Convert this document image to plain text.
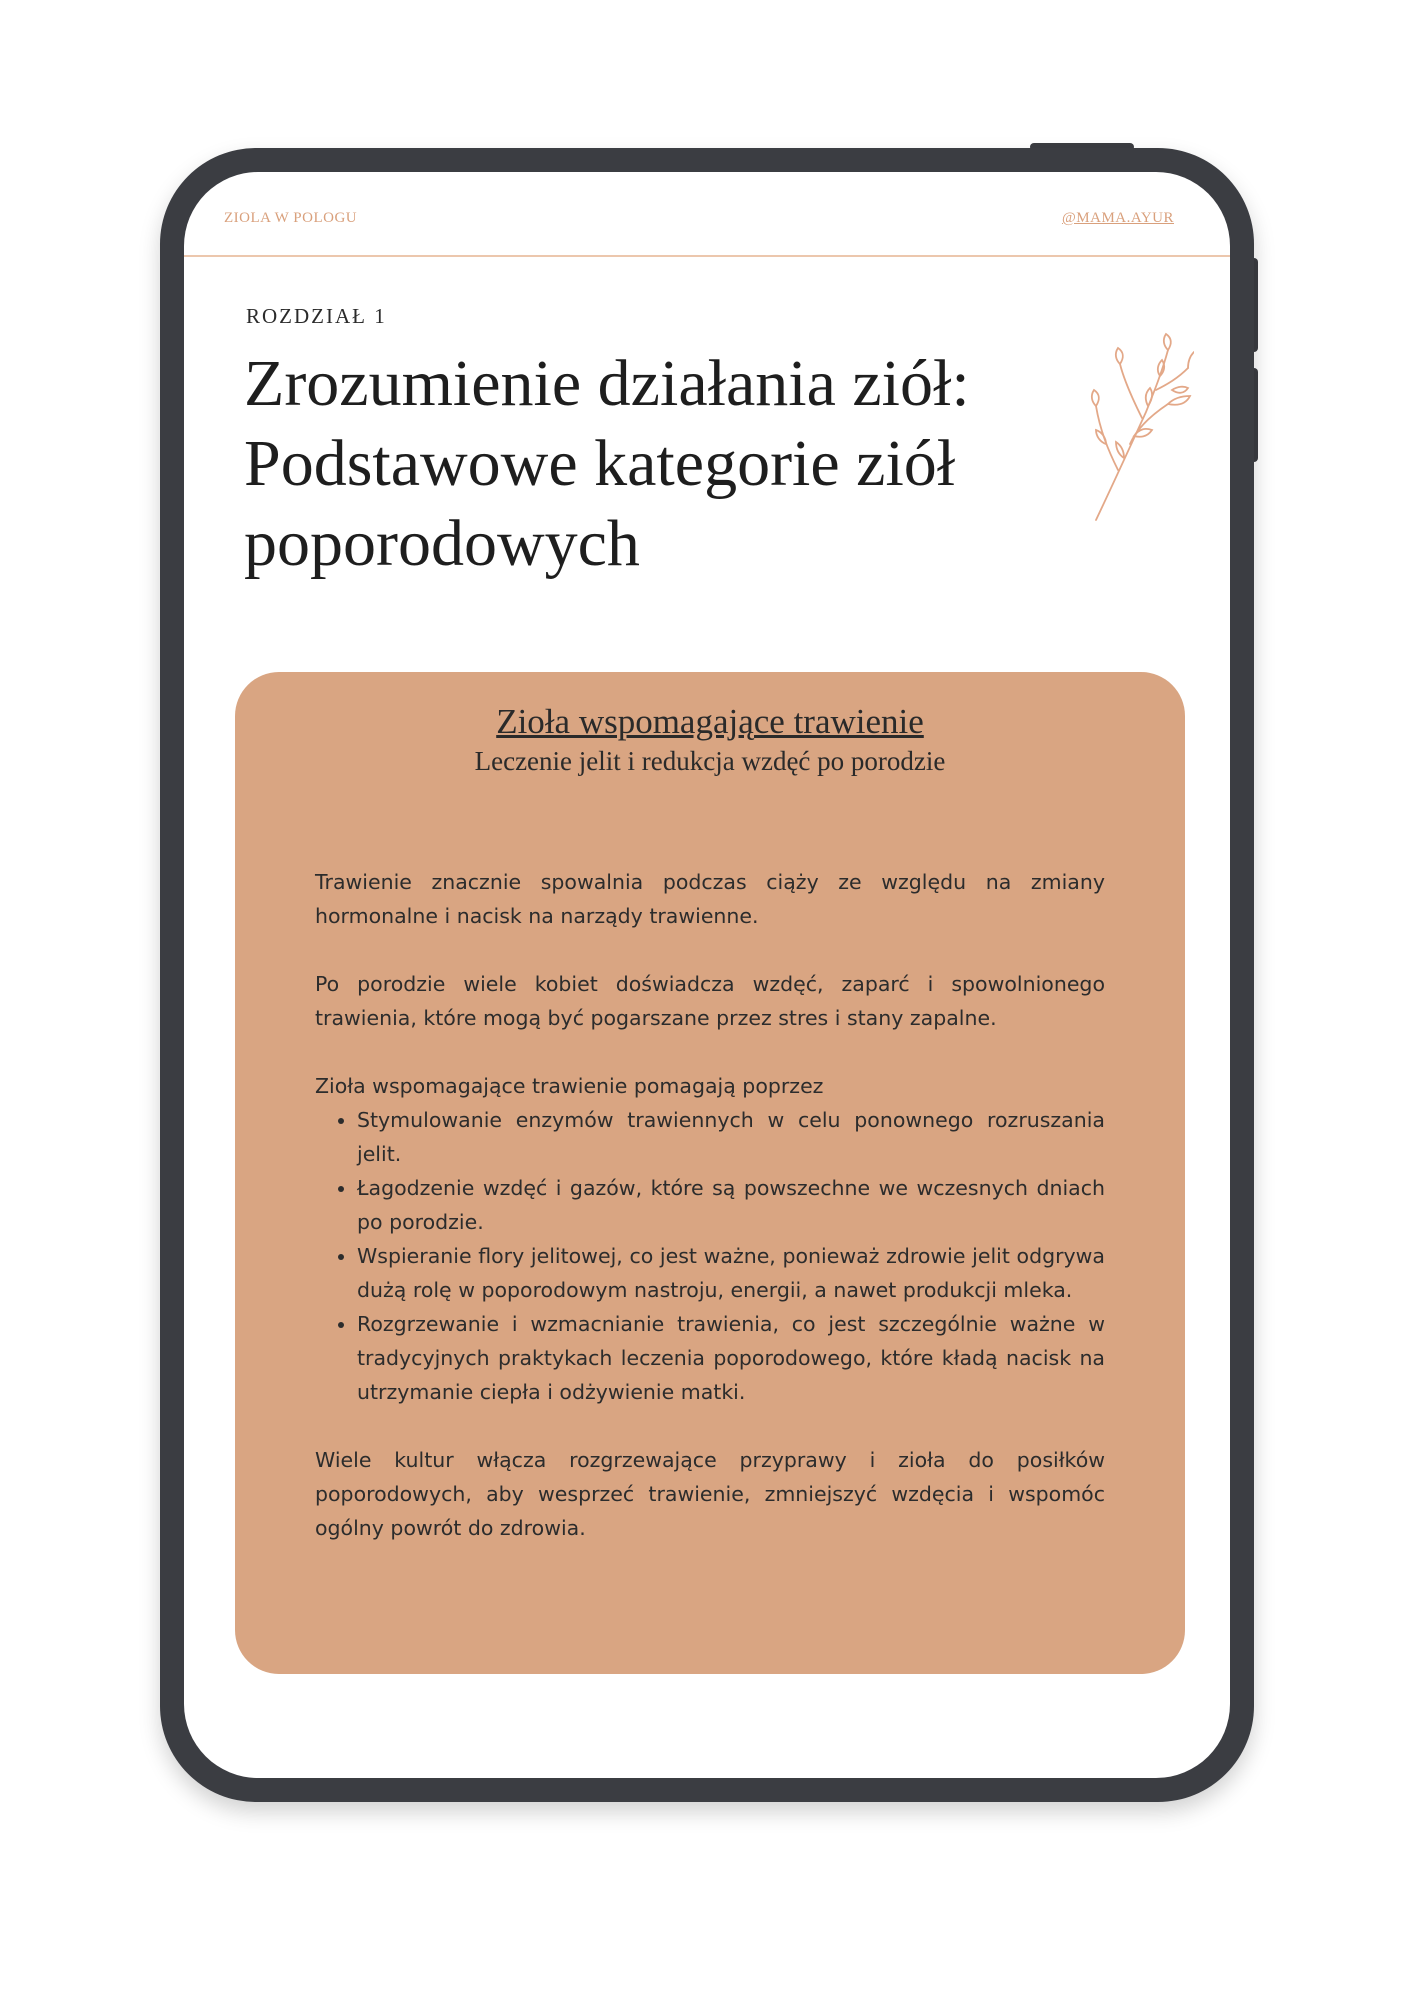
ZIOLA W POLOGU	@MAMA.AYUR
ROZDZIAŁ 1
Zrozumienie działania ziół:
Podstawowe kategorie ziół
poporodowych
Zioła wspomagające trawienie
Leczenie jelit i redukcja wzdęć po porodzie

Trawienie znacznie spowalnia podczas ciąży ze względu na zmiany hormonalne i nacisk na narządy trawienne.

Po porodzie wiele kobiet doświadcza wzdęć, zaparć i spowolnionego trawienia, które mogą być pogarszane przez stres i stany zapalne.

Zioła wspomagające trawienie pomagają poprzez

• Stymulowanie enzymów trawiennych w celu ponownego rozruszania jelit.
• Łagodzenie wzdęć i gazów, które są powszechne we wczesnych dniach po porodzie.
• Wspieranie flory jelitowej, co jest ważne, ponieważ zdrowie jelit odgrywa dużą rolę w poporodowym nastroju, energii, a nawet produkcji mleka.
• Rozgrzewanie i wzmacnianie trawienia, co jest szczególnie ważne w tradycyjnych praktykach leczenia poporodowego, które kładą nacisk na utrzymanie ciepła i odżywienie matki.

Wiele kultur włącza rozgrzewające przyprawy i zioła do posiłków poporodowych, aby wesprzeć trawienie, zmniejszyć wzdęcia i wspomóc ogólny powrót do zdrowia.
